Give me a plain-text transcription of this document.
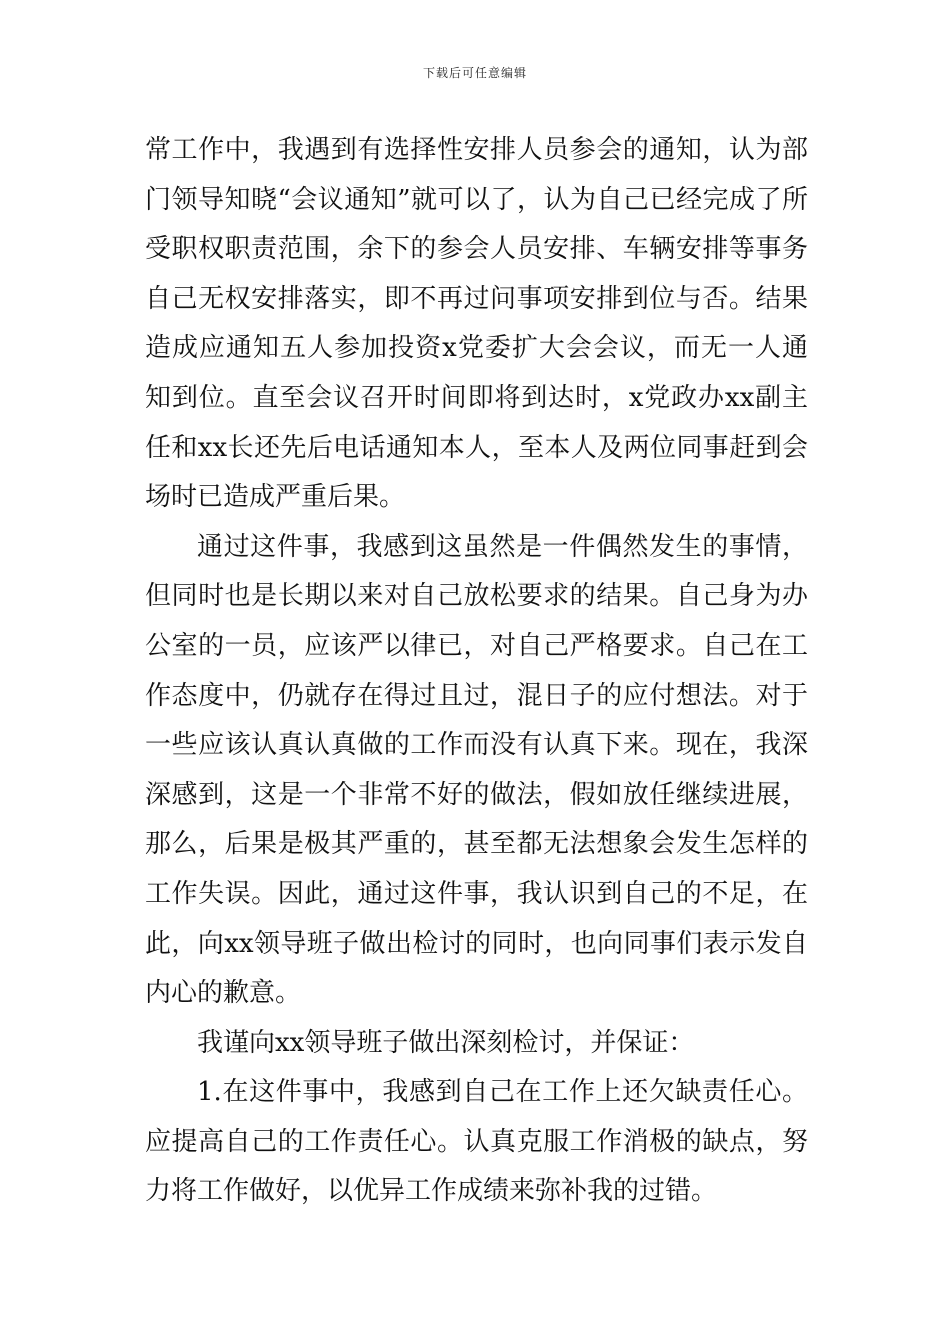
下载后可任意编辑

常工作中，我遇到有选择性安排人员参会的通知，认为部门领导知晓“会议通知”就可以了，认为自己已经完成了所受职权职责范围，余下的参会人员安排、车辆安排等事务自己无权安排落实，即不再过问事项安排到位与否。结果造成应通知五人参加投资x党委扩大会会议，而无一人通知到位。直至会议召开时间即将到达时，x党政办xx副主任和xx长还先后电话通知本人，至本人及两位同事赶到会场时已造成严重后果。

通过这件事，我感到这虽然是一件偶然发生的事情，但同时也是长期以来对自己放松要求的结果。自己身为办公室的一员，应该严以律已，对自己严格要求。自己在工作态度中，仍就存在得过且过，混日子的应付想法。对于一些应该认真认真做的工作而没有认真下来。现在，我深深感到，这是一个非常不好的做法，假如放任继续进展，那么，后果是极其严重的，甚至都无法想象会发生怎样的工作失误。因此，通过这件事，我认识到自己的不足，在此，向xx领导班子做出检讨的同时，也向同事们表示发自内心的歉意。

我谨向xx领导班子做出深刻检讨，并保证：

1.在这件事中，我感到自己在工作上还欠缺责任心。应提高自己的工作责任心。认真克服工作消极的缺点，努力将工作做好，以优异工作成绩来弥补我的过错。
